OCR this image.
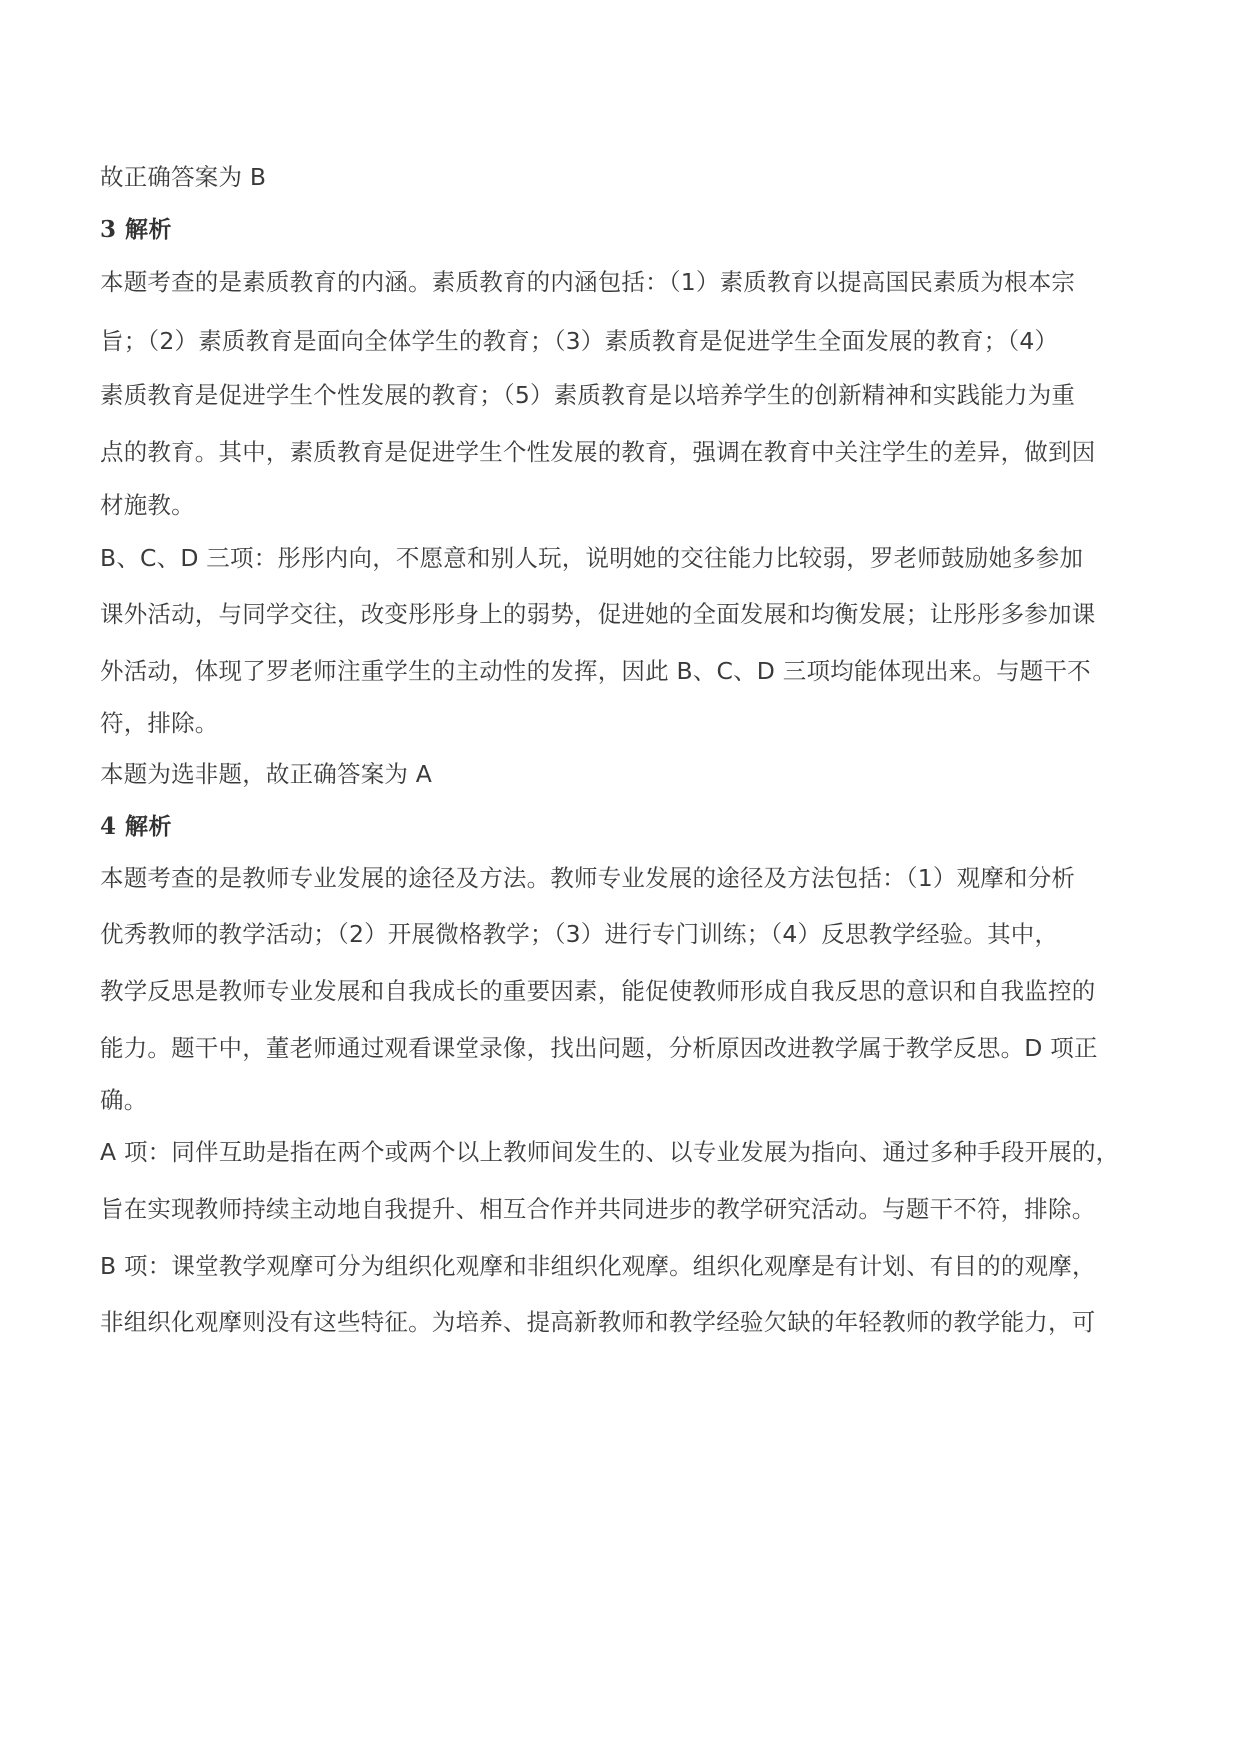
故正确答案为 B
3 解析
本题考查的是素质教育的内涵。素质教育的内涵包括：（1）素质教育以提高国民素质为根本宗
旨；（2）素质教育是面向全体学生的教育；（3）素质教育是促进学生全面发展的教育；（4）
素质教育是促进学生个性发展的教育；（5）素质教育是以培养学生的创新精神和实践能力为重
点的教育。其中，素质教育是促进学生个性发展的教育，强调在教育中关注学生的差异，做到因
材施教。
B、C、D 三项：彤彤内向，不愿意和别人玩，说明她的交往能力比较弱，罗老师鼓励她多参加
课外活动，与同学交往，改变彤彤身上的弱势，促进她的全面发展和均衡发展；让彤彤多参加课
外活动，体现了罗老师注重学生的主动性的发挥，因此 B、C、D 三项均能体现出来。与题干不
符，排除。
本题为选非题，故正确答案为 A
4 解析
本题考查的是教师专业发展的途径及方法。教师专业发展的途径及方法包括：（1）观摩和分析
优秀教师的教学活动；（2）开展微格教学；（3）进行专门训练；（4）反思教学经验。其中，
教学反思是教师专业发展和自我成长的重要因素，能促使教师形成自我反思的意识和自我监控的
能力。题干中，董老师通过观看课堂录像，找出问题，分析原因改进教学属于教学反思。D 项正
确。
A 项：同伴互助是指在两个或两个以上教师间发生的、以专业发展为指向、通过多种手段开展的，
旨在实现教师持续主动地自我提升、相互合作并共同进步的教学研究活动。与题干不符，排除。
B 项：课堂教学观摩可分为组织化观摩和非组织化观摩。组织化观摩是有计划、有目的的观摩，
非组织化观摩则没有这些特征。为培养、提高新教师和教学经验欠缺的年轻教师的教学能力，可
